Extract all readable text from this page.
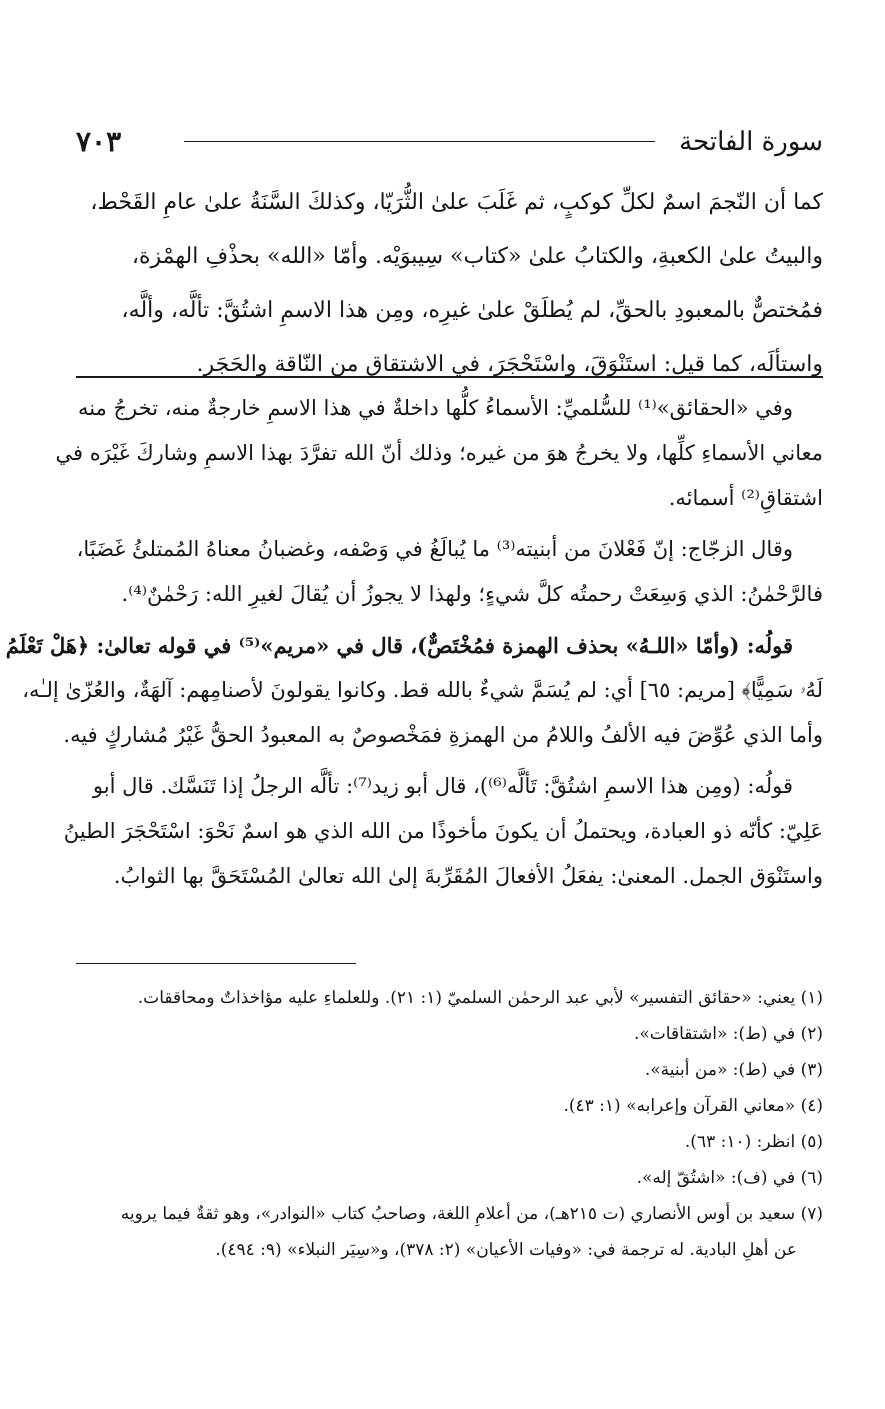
سورة الفاتحة
٧٠٣

كما أن النّجمَ اسمٌ لكلِّ كوكبٍ، ثم غَلَبَ علىٰ الثُّرَيّا، وكذلكَ السَّنَةُ علىٰ عامِ القَحْط،

والبيتُ علىٰ الكعبةِ، والكتابُ علىٰ «كتاب» سِيبوَيْه. وأمّا «الله» بحذْفِ الهمْزة،

فمُختصٌّ بالمعبودِ بالحقِّ، لم يُطلَقْ علىٰ غيرِه، ومِن هذا الاسمِ اشتُقَّ: تألَّه، وألَّه،

واستألَه، كما قيل: استَنْوَقَ، واسْتَحْجَرَ، في الاشتقاق من النّاقة والحَجَر.

وفي «الحقائق»⁽¹⁾ للسُّلميِّ: الأسماءُ كلُّها داخلةٌ في هذا الاسمِ خارجةٌ منه، تخرجُ منه
معاني الأسماءِ كلِّها، ولا يخرجُ هوَ من غيره؛ وذلك أنّ الله تفرَّدَ بهذا الاسمِ وشاركَ غَيْرَه في
اشتقاقِ⁽²⁾ أسمائه.
وقال الزجّاج: إنّ فَعْلانَ من أبنيته⁽³⁾ ما يُبالَغُ في وَصْفه، وغضبانُ معناهُ المُمتلئُ غَضَبًا،
فالرَّحْمٰنُ: الذي وَسِعَتْ رحمتُه كلَّ شيءٍ؛ ولهذا لا يجوزُ أن يُقالَ لغيرِ الله: رَحْمٰنٌ⁽⁴⁾.
قولُه: (وأمّا «اللـهُ» بحذف الهمزة فمُخْتَصٌّ)، قال في «مريم»⁽⁵⁾ في قوله تعالىٰ: ﴿هَلْ تَعْلَمُ
لَهُۥ سَمِيًّا﴾ [مريم: ٦٥] أي: لم يُسَمَّ شيءٌ بالله قط. وكانوا يقولونَ لأصنامِهم: آلهَةٌ، والعُزّىٰ إلـٰه،
وأما الذي عُوِّضَ فيه الألفُ واللامُ من الهمزةِ فمَخْصوصٌ به المعبودُ الحقُّ غَيْرُ مُشاركٍ فيه.
قولُه: (ومِن هذا الاسمِ اشتُقَّ: تَألَّه⁽⁶⁾)، قال أبو زيد⁽⁷⁾: تألَّه الرجلُ إذا تَنَسَّك. قال أبو
عَلِيّ: كأنّه ذو العبادة، ويحتملُ أن يكونَ مأخوذًا من الله الذي هو اسمٌ نَحْوَ: اسْتَحْجَرَ الطينُ
واستَنْوَق الجمل. المعنىٰ: يفعَلُ الأفعالَ المُقَرِّبةَ إلىٰ الله تعالىٰ المُسْتَحَقَّ بها الثوابُ.
(١) يعني: «حقائق التفسير» لأبي عبد الرحمٰن السلميّ (١: ٢١). وللعلماءِ عليه مؤاخذاتٌ ومحاققات.
(٢) في (ط): «اشتقاقات».
(٣) في (ط): «من أبنية».
(٤) «معاني القرآن وإعرابه» (١: ٤٣).
(٥) انظر: (١٠: ٦٣).
(٦) في (ف): «اشتُقّ إله».
(٧) سعيد بن أوس الأنصاري (ت ٢١٥هـ)، من أعلامِ اللغة، وصاحبُ كتاب «النوادر»، وهو ثقةٌ فيما يرويه
عن أهلِ البادية. له ترجمة في: «وفيات الأعيان» (٢: ٣٧٨)، و«سِيَر النبلاء» (٩: ٤٩٤).
